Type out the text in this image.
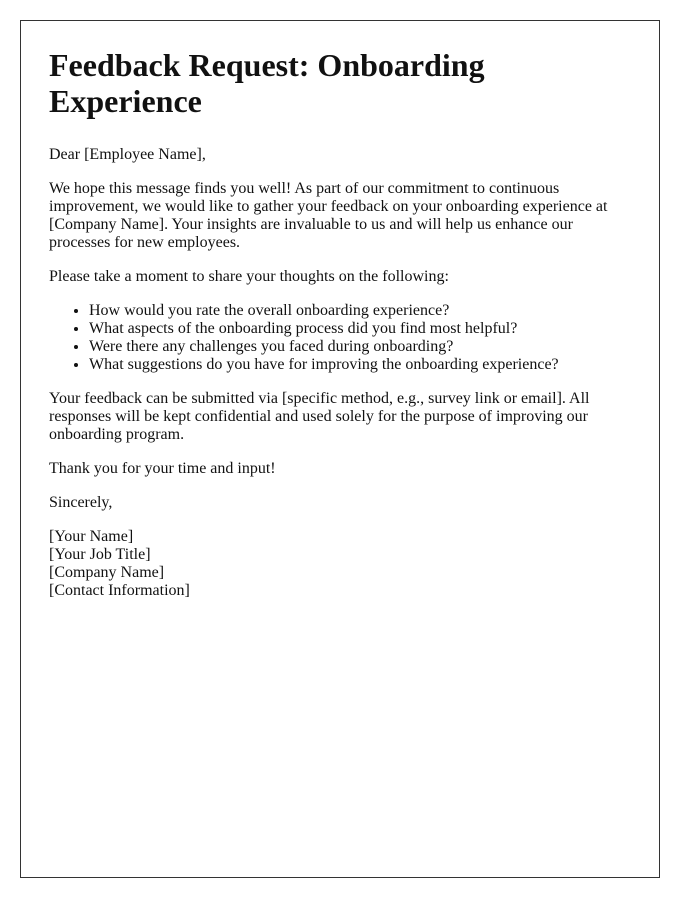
Feedback Request: Onboarding Experience

Dear [Employee Name],

We hope this message finds you well! As part of our commitment to continuous improvement, we would like to gather your feedback on your onboarding experience at [Company Name]. Your insights are invaluable to us and will help us enhance our processes for new employees.

Please take a moment to share your thoughts on the following:

• How would you rate the overall onboarding experience?
• What aspects of the onboarding process did you find most helpful?
• Were there any challenges you faced during onboarding?
• What suggestions do you have for improving the onboarding experience?

Your feedback can be submitted via [specific method, e.g., survey link or email]. All responses will be kept confidential and used solely for the purpose of improving our onboarding program.

Thank you for your time and input!

Sincerely,

[Your Name]

[Your Job Title]

[Company Name]

[Contact Information]
